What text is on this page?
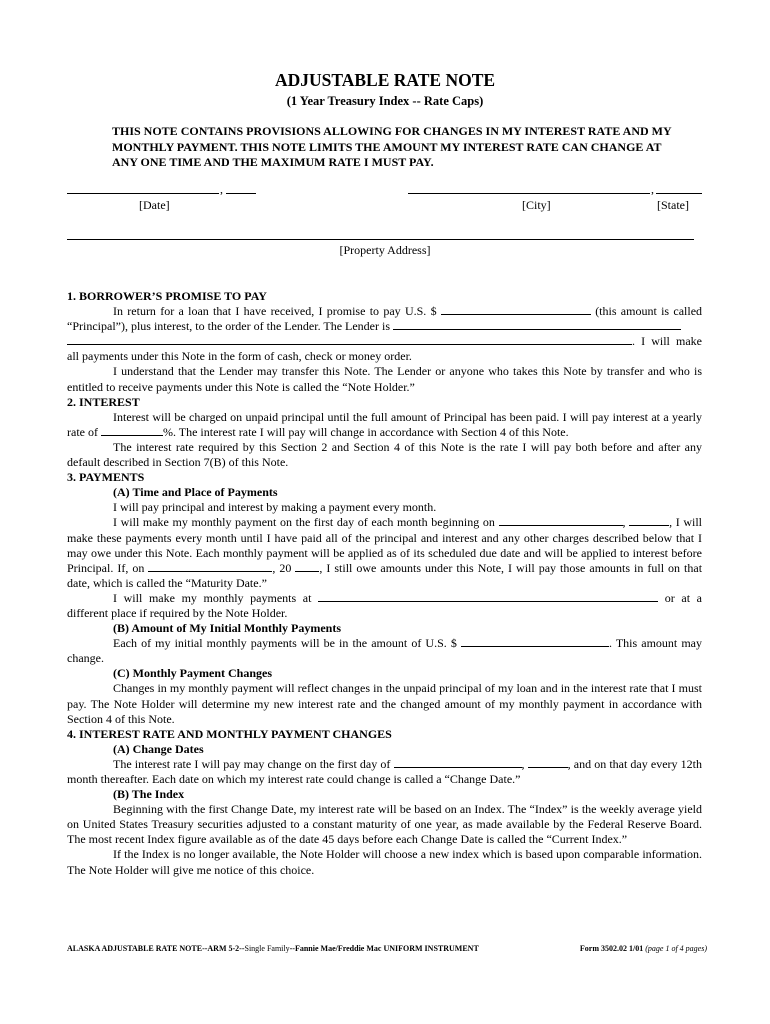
ADJUSTABLE RATE NOTE
(1 Year Treasury Index -- Rate Caps)
THIS NOTE CONTAINS PROVISIONS ALLOWING FOR CHANGES IN MY INTEREST RATE AND MY MONTHLY PAYMENT. THIS NOTE LIMITS THE AMOUNT MY INTEREST RATE CAN CHANGE AT ANY ONE TIME AND THE MAXIMUM RATE I MUST PAY.
,	,
[Date]	[City]	[State]
[Property Address]

1. BORROWER’S PROMISE TO PAY

In return for a loan that I have received, I promise to pay U.S. $	(this amount is called “Principal”), plus interest, to the order of the Lender. The Lender is
. I will make all payments under this Note in the form of cash, check or money order.

I understand that the Lender may transfer this Note. The Lender or anyone who takes this Note by transfer and who is entitled to receive payments under this Note is called the “Note Holder.”

2. INTEREST

Interest will be charged on unpaid principal until the full amount of Principal has been paid. I will pay interest at a yearly rate of	%. The interest rate I will pay will change in accordance with Section 4 of this Note.

The interest rate required by this Section 2 and Section 4 of this Note is the rate I will pay both before and after any default described in Section 7(B) of this Note.

3. PAYMENTS

(A) Time and Place of Payments

I will pay principal and interest by making a payment every month.

I will make my monthly payment on the first day of each month beginning on	,	, I will make these payments every month until I have paid all of the principal and interest and any other charges described below that I may owe under this Note. Each monthly payment will be applied as of its scheduled due date and will be applied to interest before Principal. If, on	, 20 , I still owe amounts under this Note, I will pay those amounts in full on that date, which is called the “Maturity Date.”

I will make my monthly payments at	or at a different place if required by the Note Holder.

(B) Amount of My Initial Monthly Payments

Each of my initial monthly payments will be in the amount of U.S. $	. This amount may change.

(C) Monthly Payment Changes

Changes in my monthly payment will reflect changes in the unpaid principal of my loan and in the interest rate that I must pay. The Note Holder will determine my new interest rate and the changed amount of my monthly payment in accordance with Section 4 of this Note.

4. INTEREST RATE AND MONTHLY PAYMENT CHANGES

(A) Change Dates

The interest rate I will pay may change on the first day of	,	, and on that day every 12th month thereafter. Each date on which my interest rate could change is called a “Change Date.”

(B) The Index

Beginning with the first Change Date, my interest rate will be based on an Index. The “Index” is the weekly average yield on United States Treasury securities adjusted to a constant maturity of one year, as made available by the Federal Reserve Board. The most recent Index figure available as of the date 45 days before each Change Date is called the “Current Index.”

If the Index is no longer available, the Note Holder will choose a new index which is based upon comparable information. The Note Holder will give me notice of this choice.

ALASKA ADJUSTABLE RATE NOTE--ARM 5-2--Single Family--Fannie Mae/Freddie Mac UNIFORM INSTRUMENT	Form 3502.02 1/01 (page 1 of 4 pages)
